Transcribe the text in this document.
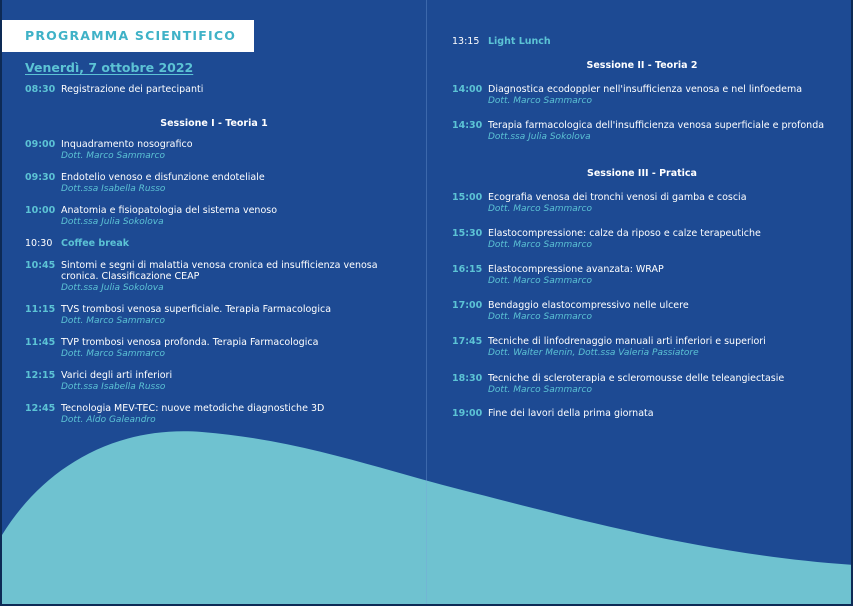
PROGRAMMA SCIENTIFICO
Venerdì, 7 ottobre 2022
08:30 Registrazione dei partecipanti
Sessione I - Teoria 1
09:00 Inquadramento nosografico
Dott. Marco Sammarco
09:30 Endotelio venoso e disfunzione endoteliale
Dott.ssa Isabella Russo
10:00 Anatomia e fisiopatologia del sistema venoso
Dott.ssa Julia Sokolova
10:30 Coffee break
10:45 Sintomi e segni di malattia venosa cronica ed insufficienza venosa
cronica. Classificazione CEAP
Dott.ssa Julia Sokolova
11:15 TVS trombosi venosa superficiale. Terapia Farmacologica
Dott. Marco Sammarco
11:45 TVP trombosi venosa profonda. Terapia Farmacologica
Dott. Marco Sammarco
12:15 Varici degli arti inferiori
Dott.ssa Isabella Russo
12:45 Tecnologia MEV-TEC: nuove metodiche diagnostiche 3D
Dott. Aldo Galeandro
13:15 Light Lunch
Sessione II - Teoria 2
14:00 Diagnostica ecodoppler nell'insufficienza venosa e nel linfoedema
Dott. Marco Sammarco
14:30 Terapia farmacologica dell'insufficienza venosa superficiale e profonda
Dott.ssa Julia Sokolova
Sessione III - Pratica
15:00 Ecografia venosa dei tronchi venosi di gamba e coscia
Dott. Marco Sammarco
15:30 Elastocompressione: calze da riposo e calze terapeutiche
Dott. Marco Sammarco
16:15 Elastocompressione avanzata: WRAP
Dott. Marco Sammarco
17:00 Bendaggio elastocompressivo nelle ulcere
Dott. Marco Sammarco
17:45 Tecniche di linfodrenaggio manuali arti inferiori e superiori
Dott. Walter Menin, Dott.ssa Valeria Passiatore
18:30 Tecniche di scleroterapia e scleromousse delle teleangiectasie
Dott. Marco Sammarco
19:00 Fine dei lavori della prima giornata
